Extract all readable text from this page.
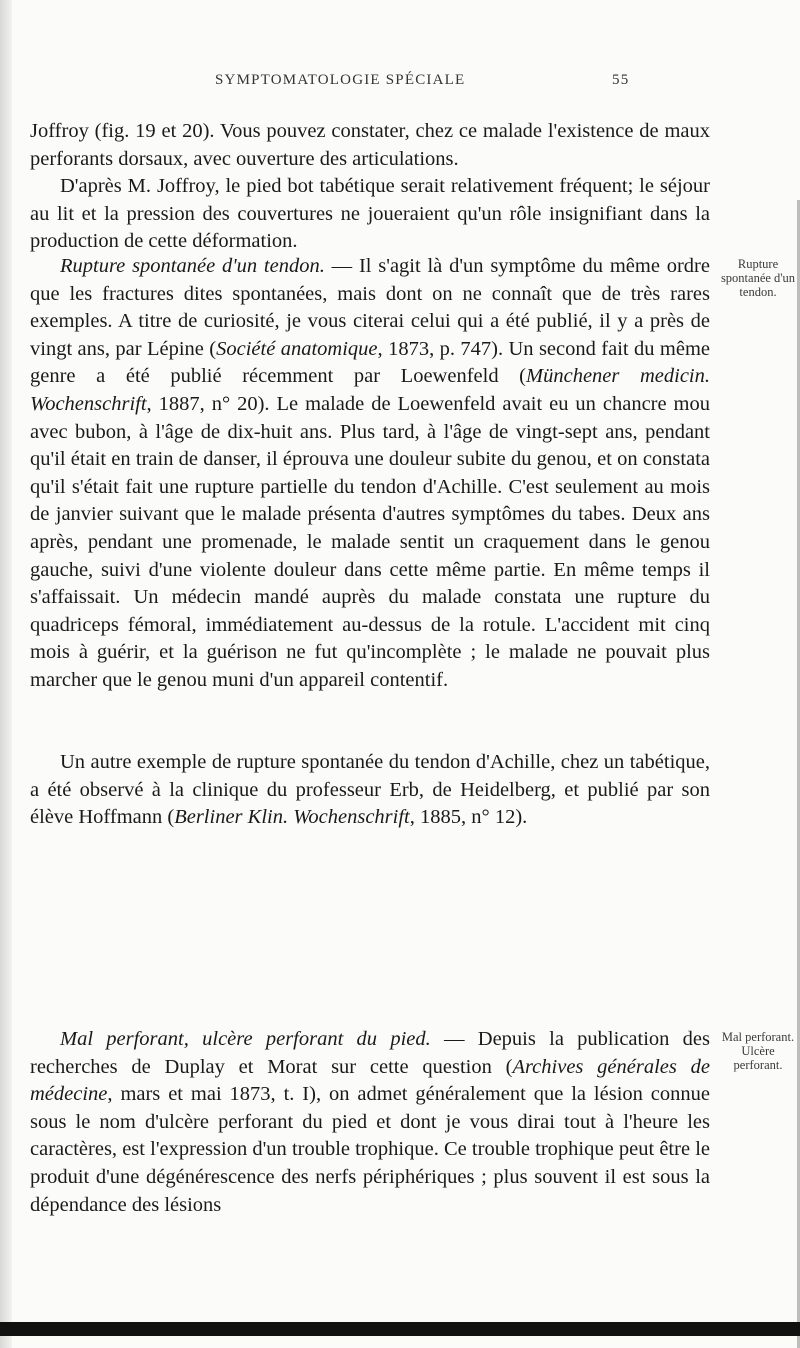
SYMPTOMATOLOGIE SPÉCIALE	55

Joffroy (fig. 19 et 20). Vous pouvez constater, chez ce malade l'existence de maux perforants dorsaux, avec ouverture des articulations.

D'après M. Joffroy, le pied bot tabétique serait relativement fréquent; le séjour au lit et la pression des couvertures ne joueraient qu'un rôle insignifiant dans la production de cette déformation.

Rupture spontanée d'un tendon. — Il s'agit là d'un symptôme du même ordre que les fractures dites spontanées, mais dont on ne connaît que de très rares exemples. A titre de curiosité, je vous citerai celui qui a été publié, il y a près de vingt ans, par Lépine (Société anatomique, 1873, p. 747). Un second fait du même genre a été publié récemment par Loewenfeld (Münchener medicin. Wochenschrift, 1887, n° 20). Le malade de Loewenfeld avait eu un chancre mou avec bubon, à l'âge de dix-huit ans. Plus tard, à l'âge de vingt-sept ans, pendant qu'il était en train de danser, il éprouva une douleur subite du genou, et on constata qu'il s'était fait une rupture partielle du tendon d'Achille. C'est seulement au mois de janvier suivant que le malade présenta d'autres symptômes du tabes. Deux ans après, pendant une promenade, le malade sentit un craquement dans le genou gauche, suivi d'une violente douleur dans cette même partie. En même temps il s'affaissait. Un médecin mandé auprès du malade constata une rupture du quadriceps fémoral, immédiatement au-dessus de la rotule. L'accident mit cinq mois à guérir, et la guérison ne fut qu'incomplète ; le malade ne pouvait plus marcher que le genou muni d'un appareil contentif.
Un autre exemple de rupture spontanée du tendon d'Achille, chez un tabétique, a été observé à la clinique du professeur Erb, de Heidelberg, et publié par son élève Hoffmann (Berliner Klin. Wochenschrift, 1885, n° 12).
Mal perforant, ulcère perforant du pied. — Depuis la publication des recherches de Duplay et Morat sur cette question (Archives générales de médecine, mars et mai 1873, t. I), on admet généralement que la lésion connue sous le nom d'ulcère perforant du pied et dont je vous dirai tout à l'heure les caractères, est l'expression d'un trouble trophique. Ce trouble trophique peut être le produit d'une dégénérescence des nerfs périphériques ; plus souvent il est sous la dépendance des lésions
Rupture spontanée d'un tendon.
Mal perforant. Ulcère perforant.
